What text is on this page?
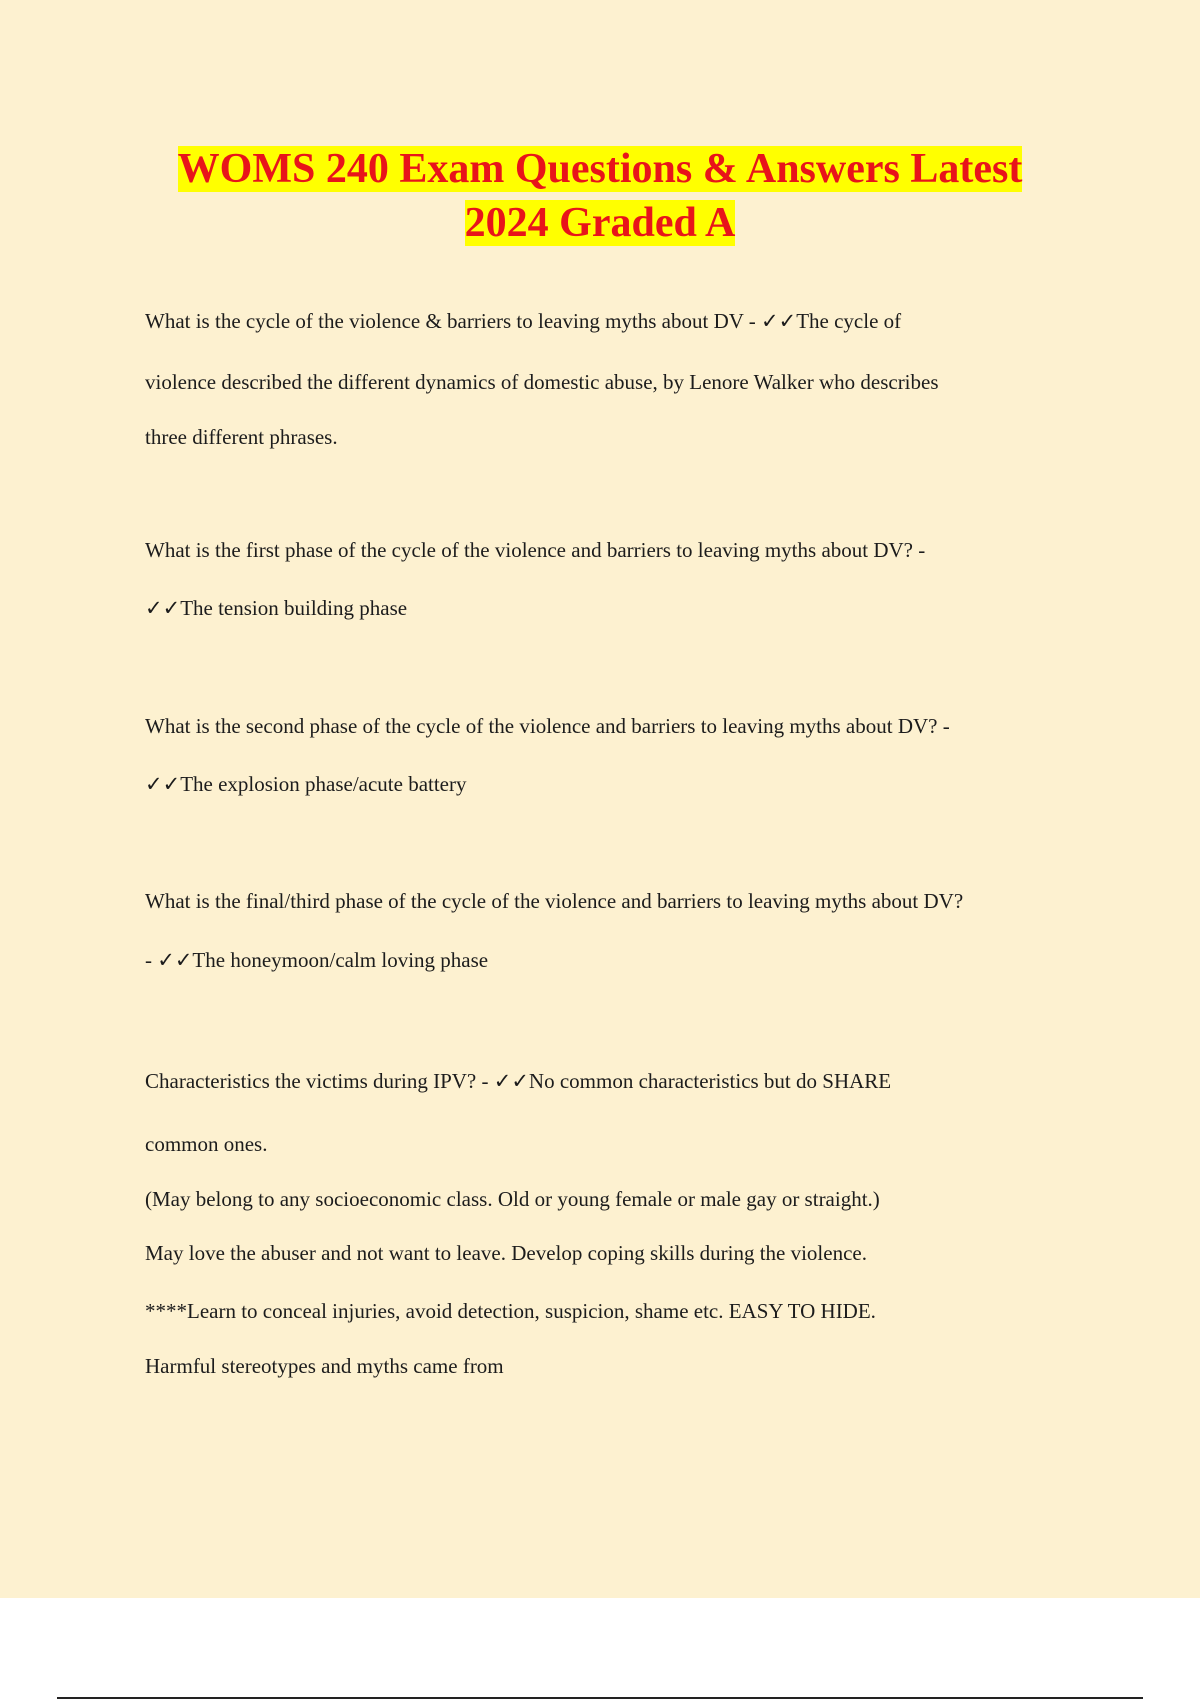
WOMS 240 Exam Questions & Answers Latest
2024 Graded A
What is the cycle of the violence & barriers to leaving myths about DV - ✓✓The cycle of
violence described the different dynamics of domestic abuse, by Lenore Walker who describes
three different phrases.
What is the first phase of the cycle of the violence and barriers to leaving myths about DV? -
✓✓The tension building phase
What is the second phase of the cycle of the violence and barriers to leaving myths about DV? -
✓✓The explosion phase/acute battery
What is the final/third phase of the cycle of the violence and barriers to leaving myths about DV?
- ✓✓The honeymoon/calm loving phase
Characteristics the victims during IPV? - ✓✓No common characteristics but do SHARE
common ones.
(May belong to any socioeconomic class. Old or young female or male gay or straight.)
May love the abuser and not want to leave. Develop coping skills during the violence.
****Learn to conceal injuries, avoid detection, suspicion, shame etc. EASY TO HIDE.
Harmful stereotypes and myths came from
